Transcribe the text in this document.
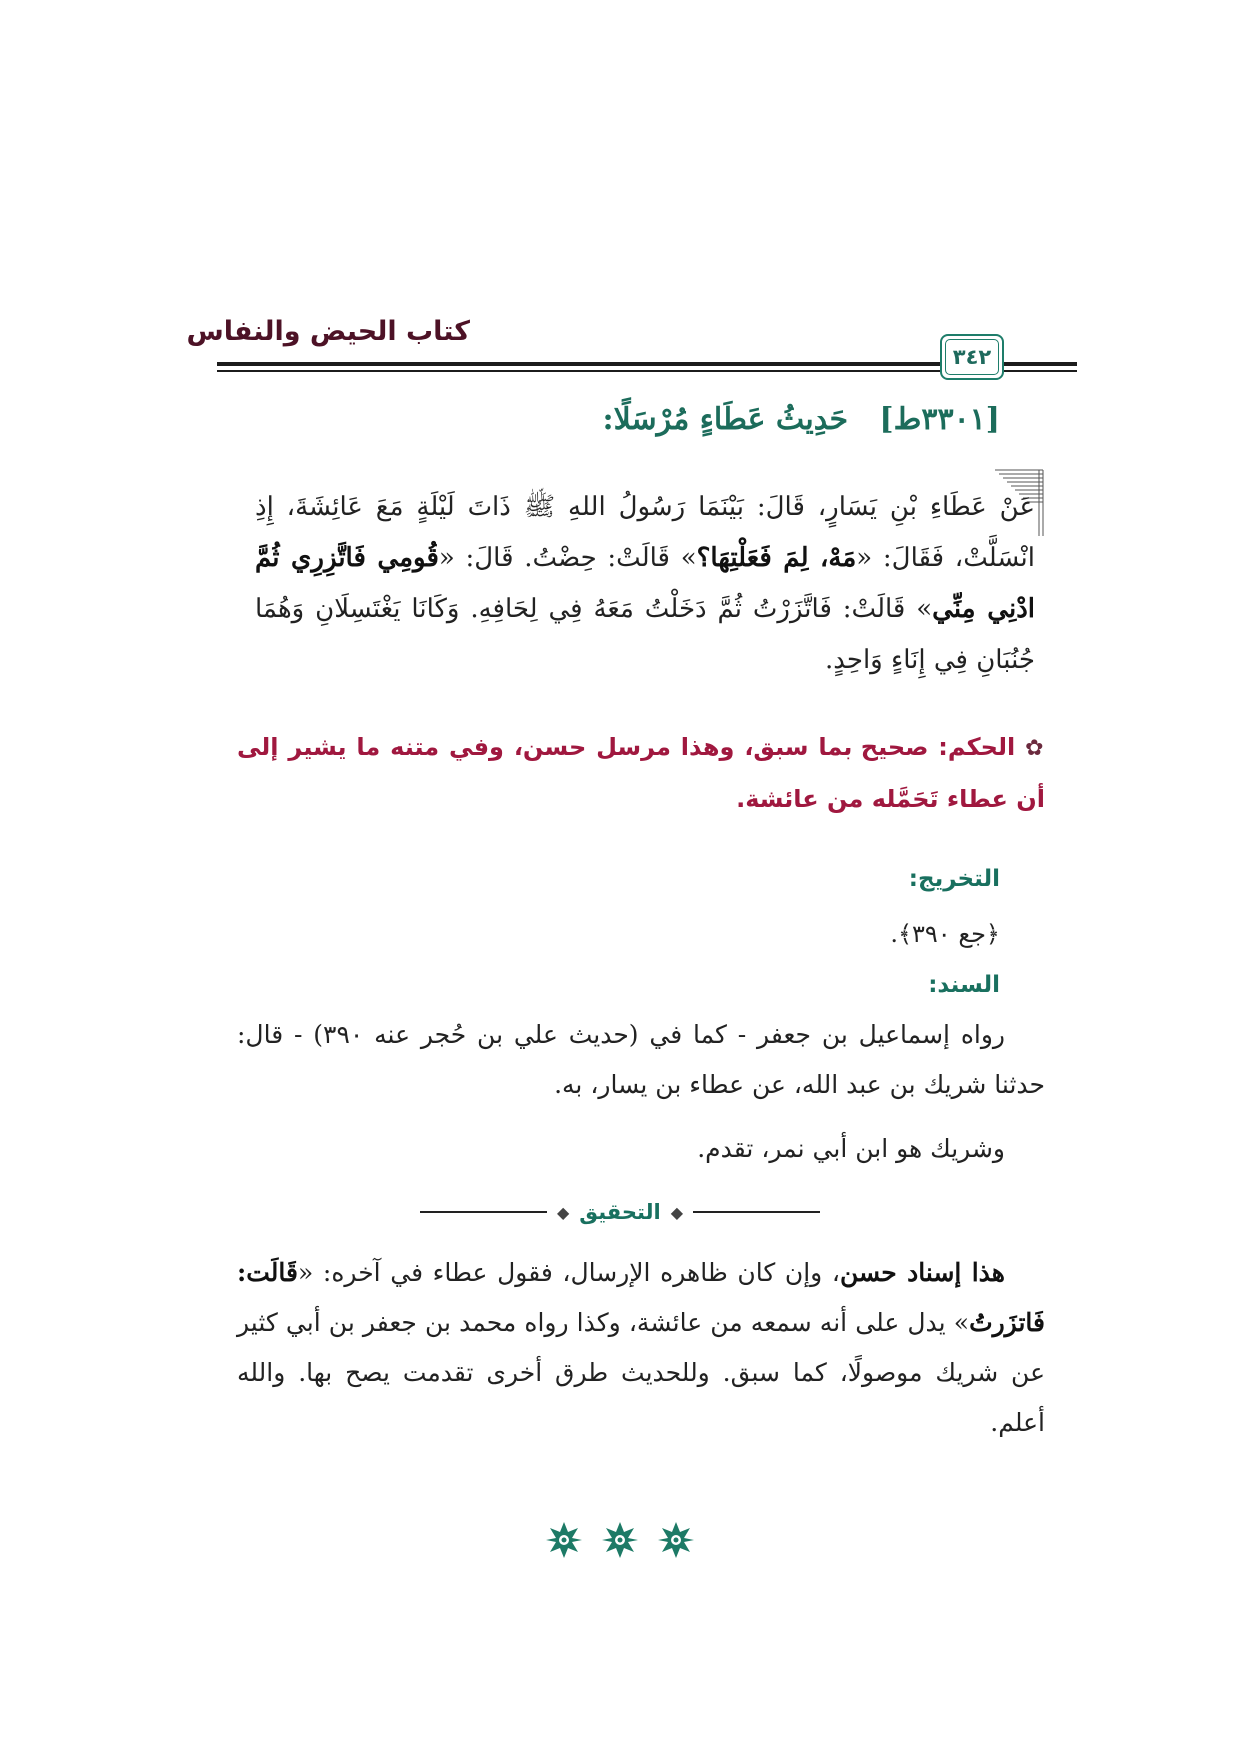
كتاب الحيض والنفاس
٣٤٢
[٣٣٠١ط]   حَدِيثُ عَطَاءٍ مُرْسَلًا:
عَنْ عَطَاءِ بْنِ يَسَارٍ، قَالَ: بَيْنَمَا رَسُولُ اللهِ ﷺ ذَاتَ لَيْلَةٍ مَعَ عَائِشَةَ، إِذِ انْسَلَّتْ، فَقَالَ: «مَهْ، لِمَ فَعَلْتِهَا؟» قَالَتْ: حِضْتُ. قَالَ: «قُومِي فَاتَّزِرِي ثُمَّ ادْنِي مِنِّي» قَالَتْ: فَاتَّزَرْتُ ثُمَّ دَخَلْتُ مَعَهُ فِي لِحَافِهِ. وَكَانَا يَغْتَسِلَانِ وَهُمَا جُنُبَانِ فِي إِنَاءٍ وَاحِدٍ.
✿ الحكم: صحيح بما سبق، وهذا مرسل حسن، وفي متنه ما يشير إلى أن عطاء تَحَمَّله من عائشة.
التخريج:
﴿جع ٣٩٠﴾.
السند:
رواه إسماعيل بن جعفر - كما في (حديث علي بن حُجر عنه ٣٩٠) - قال: حدثنا شريك بن عبد الله، عن عطاء بن يسار، به.
وشريك هو ابن أبي نمر، تقدم.
◆
التحقيق
◆
هذا إسناد حسن، وإن كان ظاهره الإرسال، فقول عطاء في آخره: «قَالَت: فَاتزَرتُ» يدل على أنه سمعه من عائشة، وكذا رواه محمد بن جعفر بن أبي كثير عن شريك موصولًا، كما سبق. وللحديث طرق أخرى تقدمت يصح بها. والله أعلم.
